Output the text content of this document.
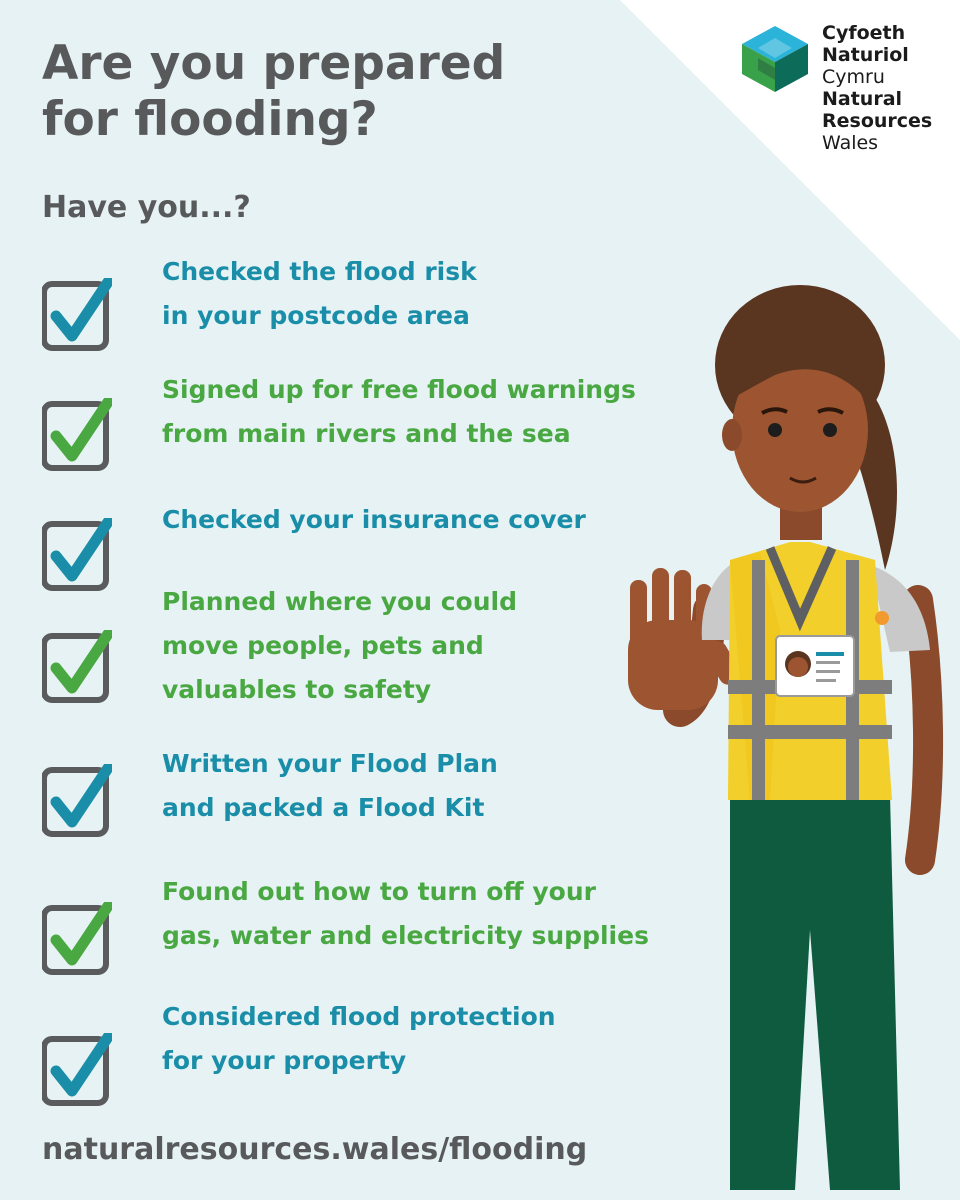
Are you prepared
for flooding?
Have you...?
Cyfoeth
Naturiol
Cymru
Natural
Resources
Wales
Checked the flood risk
in your postcode area
Signed up for free flood warnings
from main rivers and the sea
Checked your insurance cover
Planned where you could
move people, pets and
valuables to safety
Written your Flood Plan
and packed a Flood Kit
Found out how to turn off your
gas, water and electricity supplies
Considered flood protection
for your property
naturalresources.wales/flooding
